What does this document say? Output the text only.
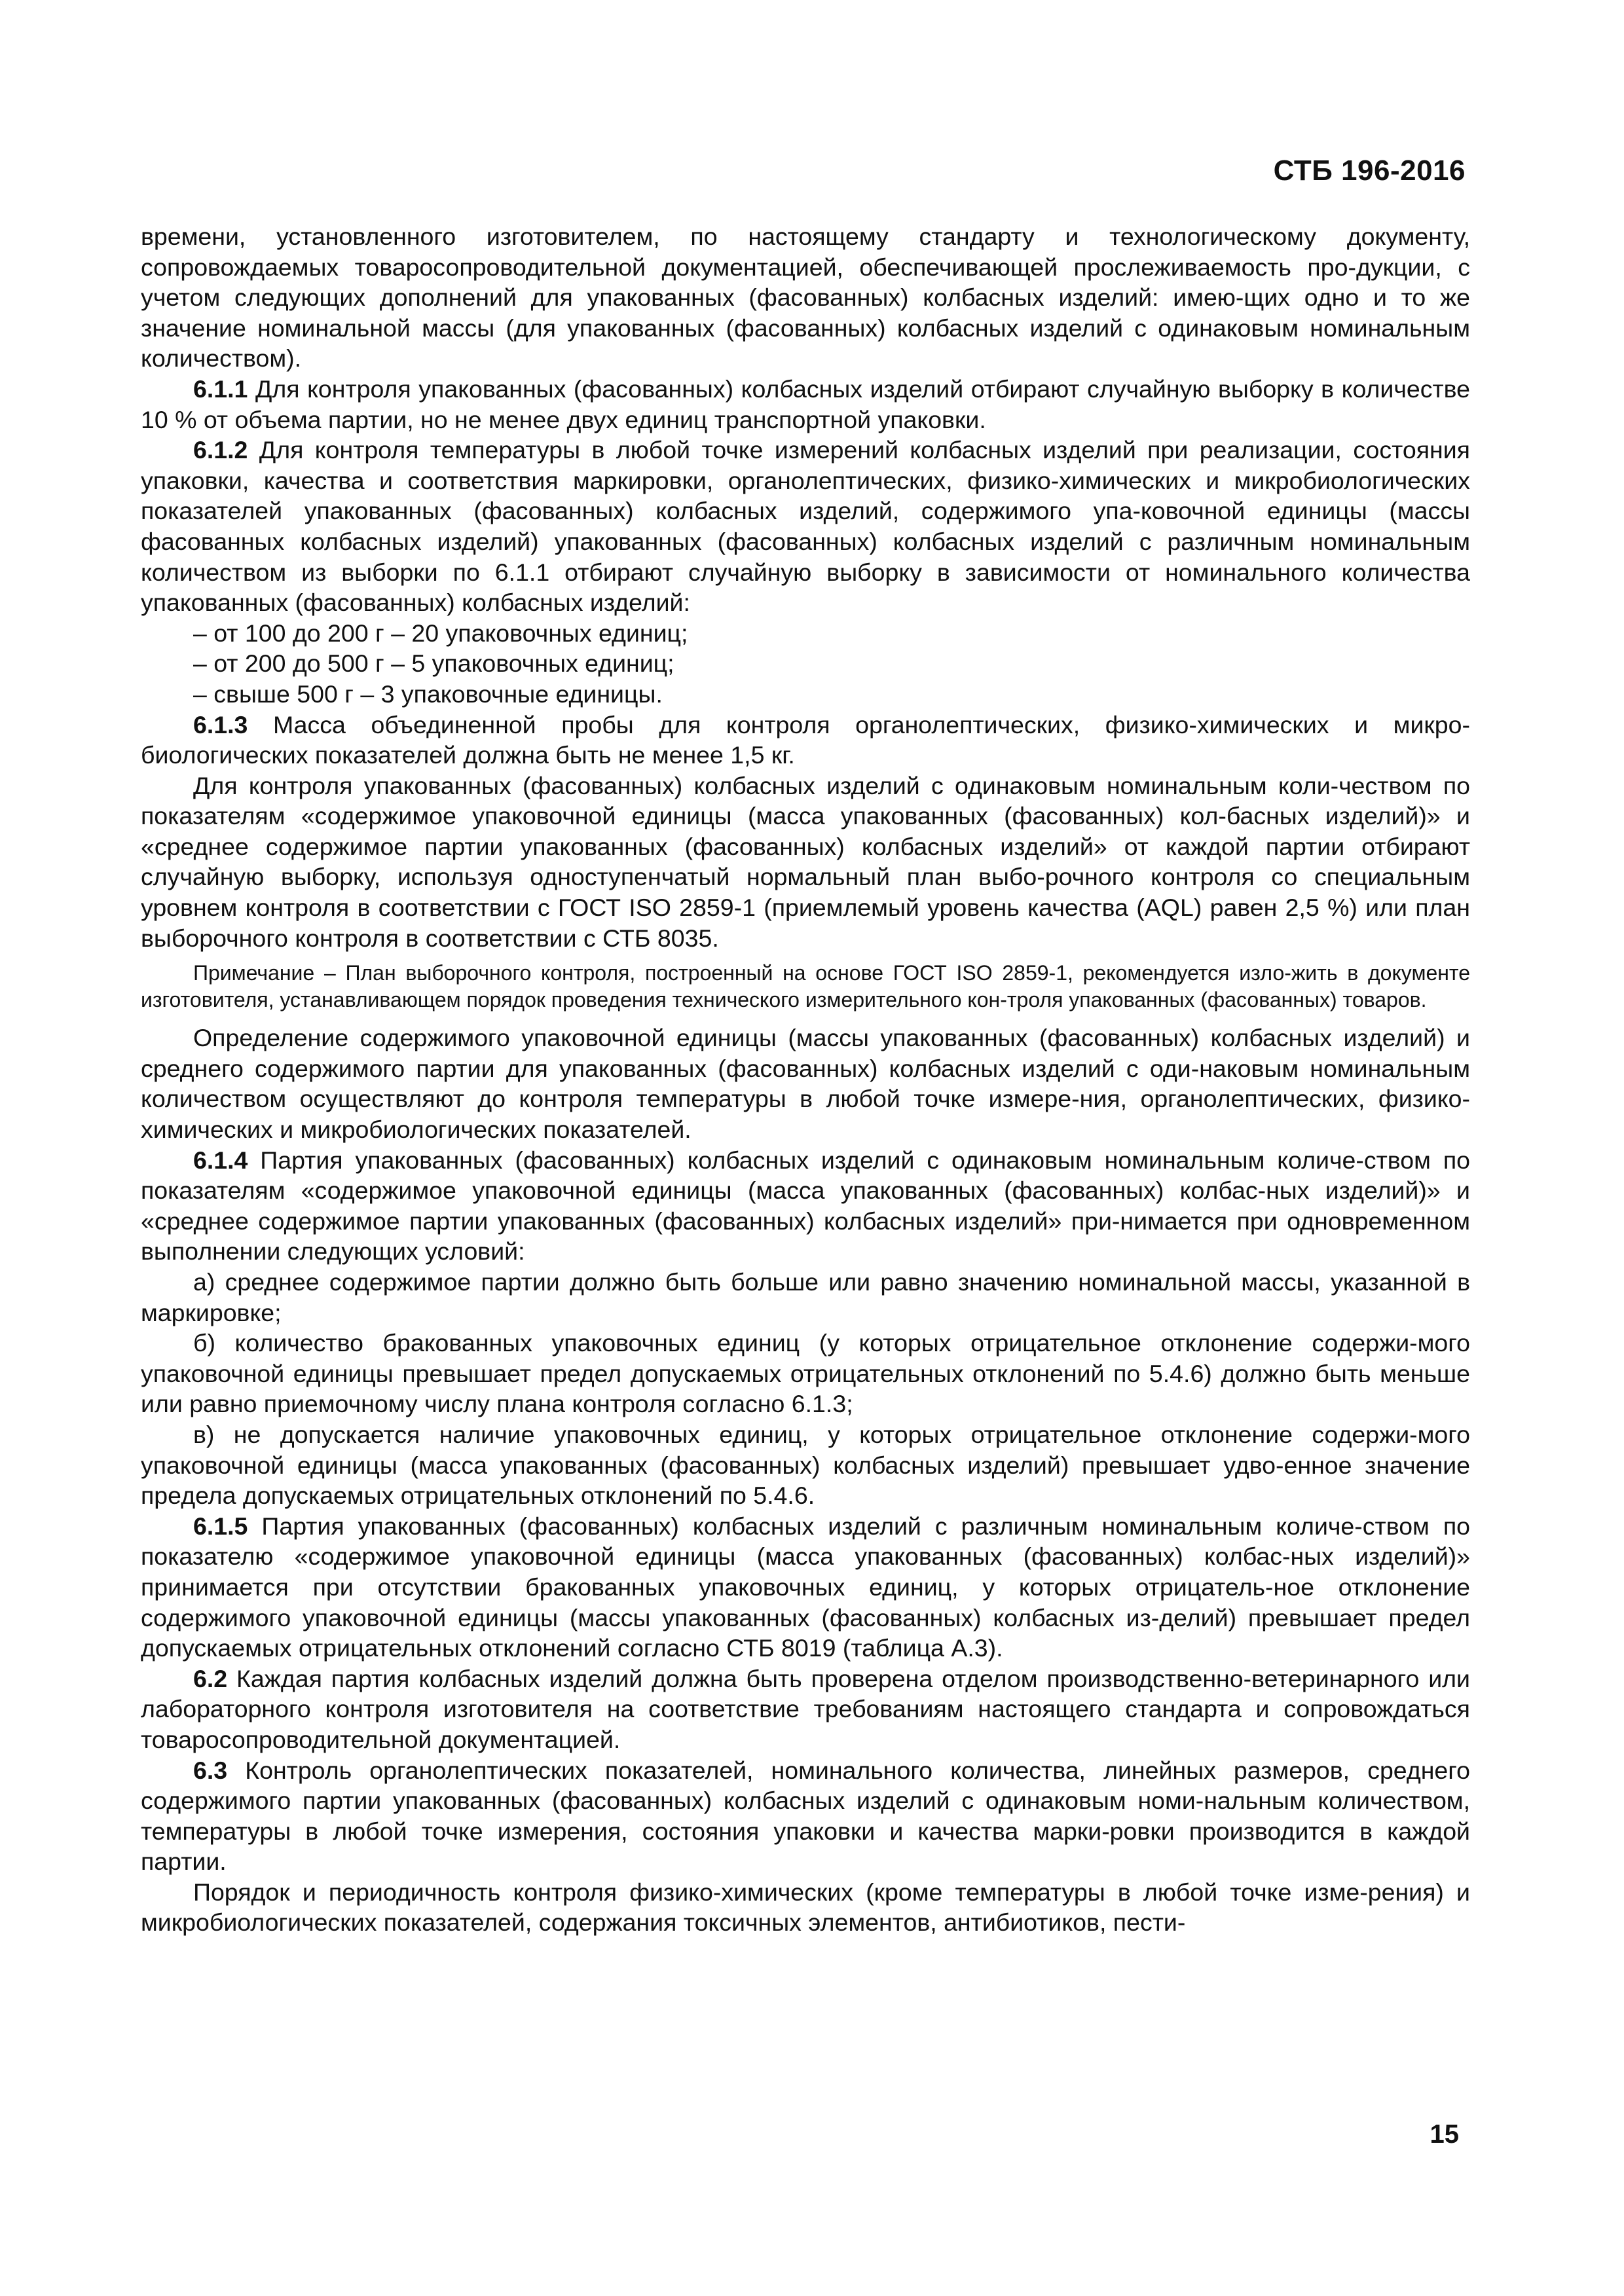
СТБ 196-2016

времени, установленного изготовителем, по настоящему стандарту и технологическому документу, сопровождаемых товаросопроводительной документацией, обеспечивающей прослеживаемость про-дукции, с учетом следующих дополнений для упакованных (фасованных) колбасных изделий: имею-щих одно и то же значение номинальной массы (для упакованных (фасованных) колбасных изделий с одинаковым номинальным количеством).

6.1.1 Для контроля упакованных (фасованных) колбасных изделий отбирают случайную выборку в количестве 10 % от объема партии, но не менее двух единиц транспортной упаковки.

6.1.2 Для контроля температуры в любой точке измерений колбасных изделий при реализации, состояния упаковки, качества и соответствия маркировки, органолептических, физико-химических и микробиологических показателей упакованных (фасованных) колбасных изделий, содержимого упа-ковочной единицы (массы фасованных колбасных изделий) упакованных (фасованных) колбасных изделий с различным номинальным количеством из выборки по 6.1.1 отбирают случайную выборку в зависимости от номинального количества упакованных (фасованных) колбасных изделий:

– от 100 до 200 г – 20 упаковочных единиц;

– от 200 до 500 г – 5 упаковочных единиц;

– свыше 500 г – 3 упаковочные единицы.

6.1.3 Масса объединенной пробы для контроля органолептических, физико-химических и микро-биологических показателей должна быть не менее 1,5 кг.

Для контроля упакованных (фасованных) колбасных изделий с одинаковым номинальным коли-чеством по показателям «содержимое упаковочной единицы (масса упакованных (фасованных) кол-басных изделий)» и «среднее содержимое партии упакованных (фасованных) колбасных изделий» от каждой партии отбирают случайную выборку, используя одноступенчатый нормальный план выбо-рочного контроля со специальным уровнем контроля в соответствии с ГОСТ ISO 2859-1 (приемлемый уровень качества (AQL) равен 2,5 %) или план выборочного контроля в соответствии с СТБ 8035.

Примечание – План выборочного контроля, построенный на основе ГОСТ ISO 2859-1, рекомендуется изло-жить в документе изготовителя, устанавливающем порядок проведения технического измерительного кон-троля упакованных (фасованных) товаров.

Определение содержимого упаковочной единицы (массы упакованных (фасованных) колбасных изделий) и среднего содержимого партии для упакованных (фасованных) колбасных изделий с оди-наковым номинальным количеством осуществляют до контроля температуры в любой точке измере-ния, органолептических, физико-химических и микробиологических показателей.

6.1.4 Партия упакованных (фасованных) колбасных изделий с одинаковым номинальным количе-ством по показателям «содержимое упаковочной единицы (масса упакованных (фасованных) колбас-ных изделий)» и «среднее содержимое партии упакованных (фасованных) колбасных изделий» при-нимается при одновременном выполнении следующих условий:

а) среднее содержимое партии должно быть больше или равно значению номинальной массы, указанной в маркировке;

б) количество бракованных упаковочных единиц (у которых отрицательное отклонение содержи-мого упаковочной единицы превышает предел допускаемых отрицательных отклонений по 5.4.6) должно быть меньше или равно приемочному числу плана контроля согласно 6.1.3;

в) не допускается наличие упаковочных единиц, у которых отрицательное отклонение содержи-мого упаковочной единицы (масса упакованных (фасованных) колбасных изделий) превышает удво-енное значение предела допускаемых отрицательных отклонений по 5.4.6.

6.1.5 Партия упакованных (фасованных) колбасных изделий с различным номинальным количе-ством по показателю «содержимое упаковочной единицы (масса упакованных (фасованных) колбас-ных изделий)» принимается при отсутствии бракованных упаковочных единиц, у которых отрицатель-ное отклонение содержимого упаковочной единицы (массы упакованных (фасованных) колбасных из-делий) превышает предел допускаемых отрицательных отклонений согласно СТБ 8019 (таблица А.3).

6.2 Каждая партия колбасных изделий должна быть проверена отделом производственно-ветеринарного или лабораторного контроля изготовителя на соответствие требованиям настоящего стандарта и сопровождаться товаросопроводительной документацией.

6.3 Контроль органолептических показателей, номинального количества, линейных размеров, среднего содержимого партии упакованных (фасованных) колбасных изделий с одинаковым номи-нальным количеством, температуры в любой точке измерения, состояния упаковки и качества марки-ровки производится в каждой партии.

Порядок и периодичность контроля физико-химических (кроме температуры в любой точке изме-рения) и микробиологических показателей, содержания токсичных элементов, антибиотиков, пести-

15
